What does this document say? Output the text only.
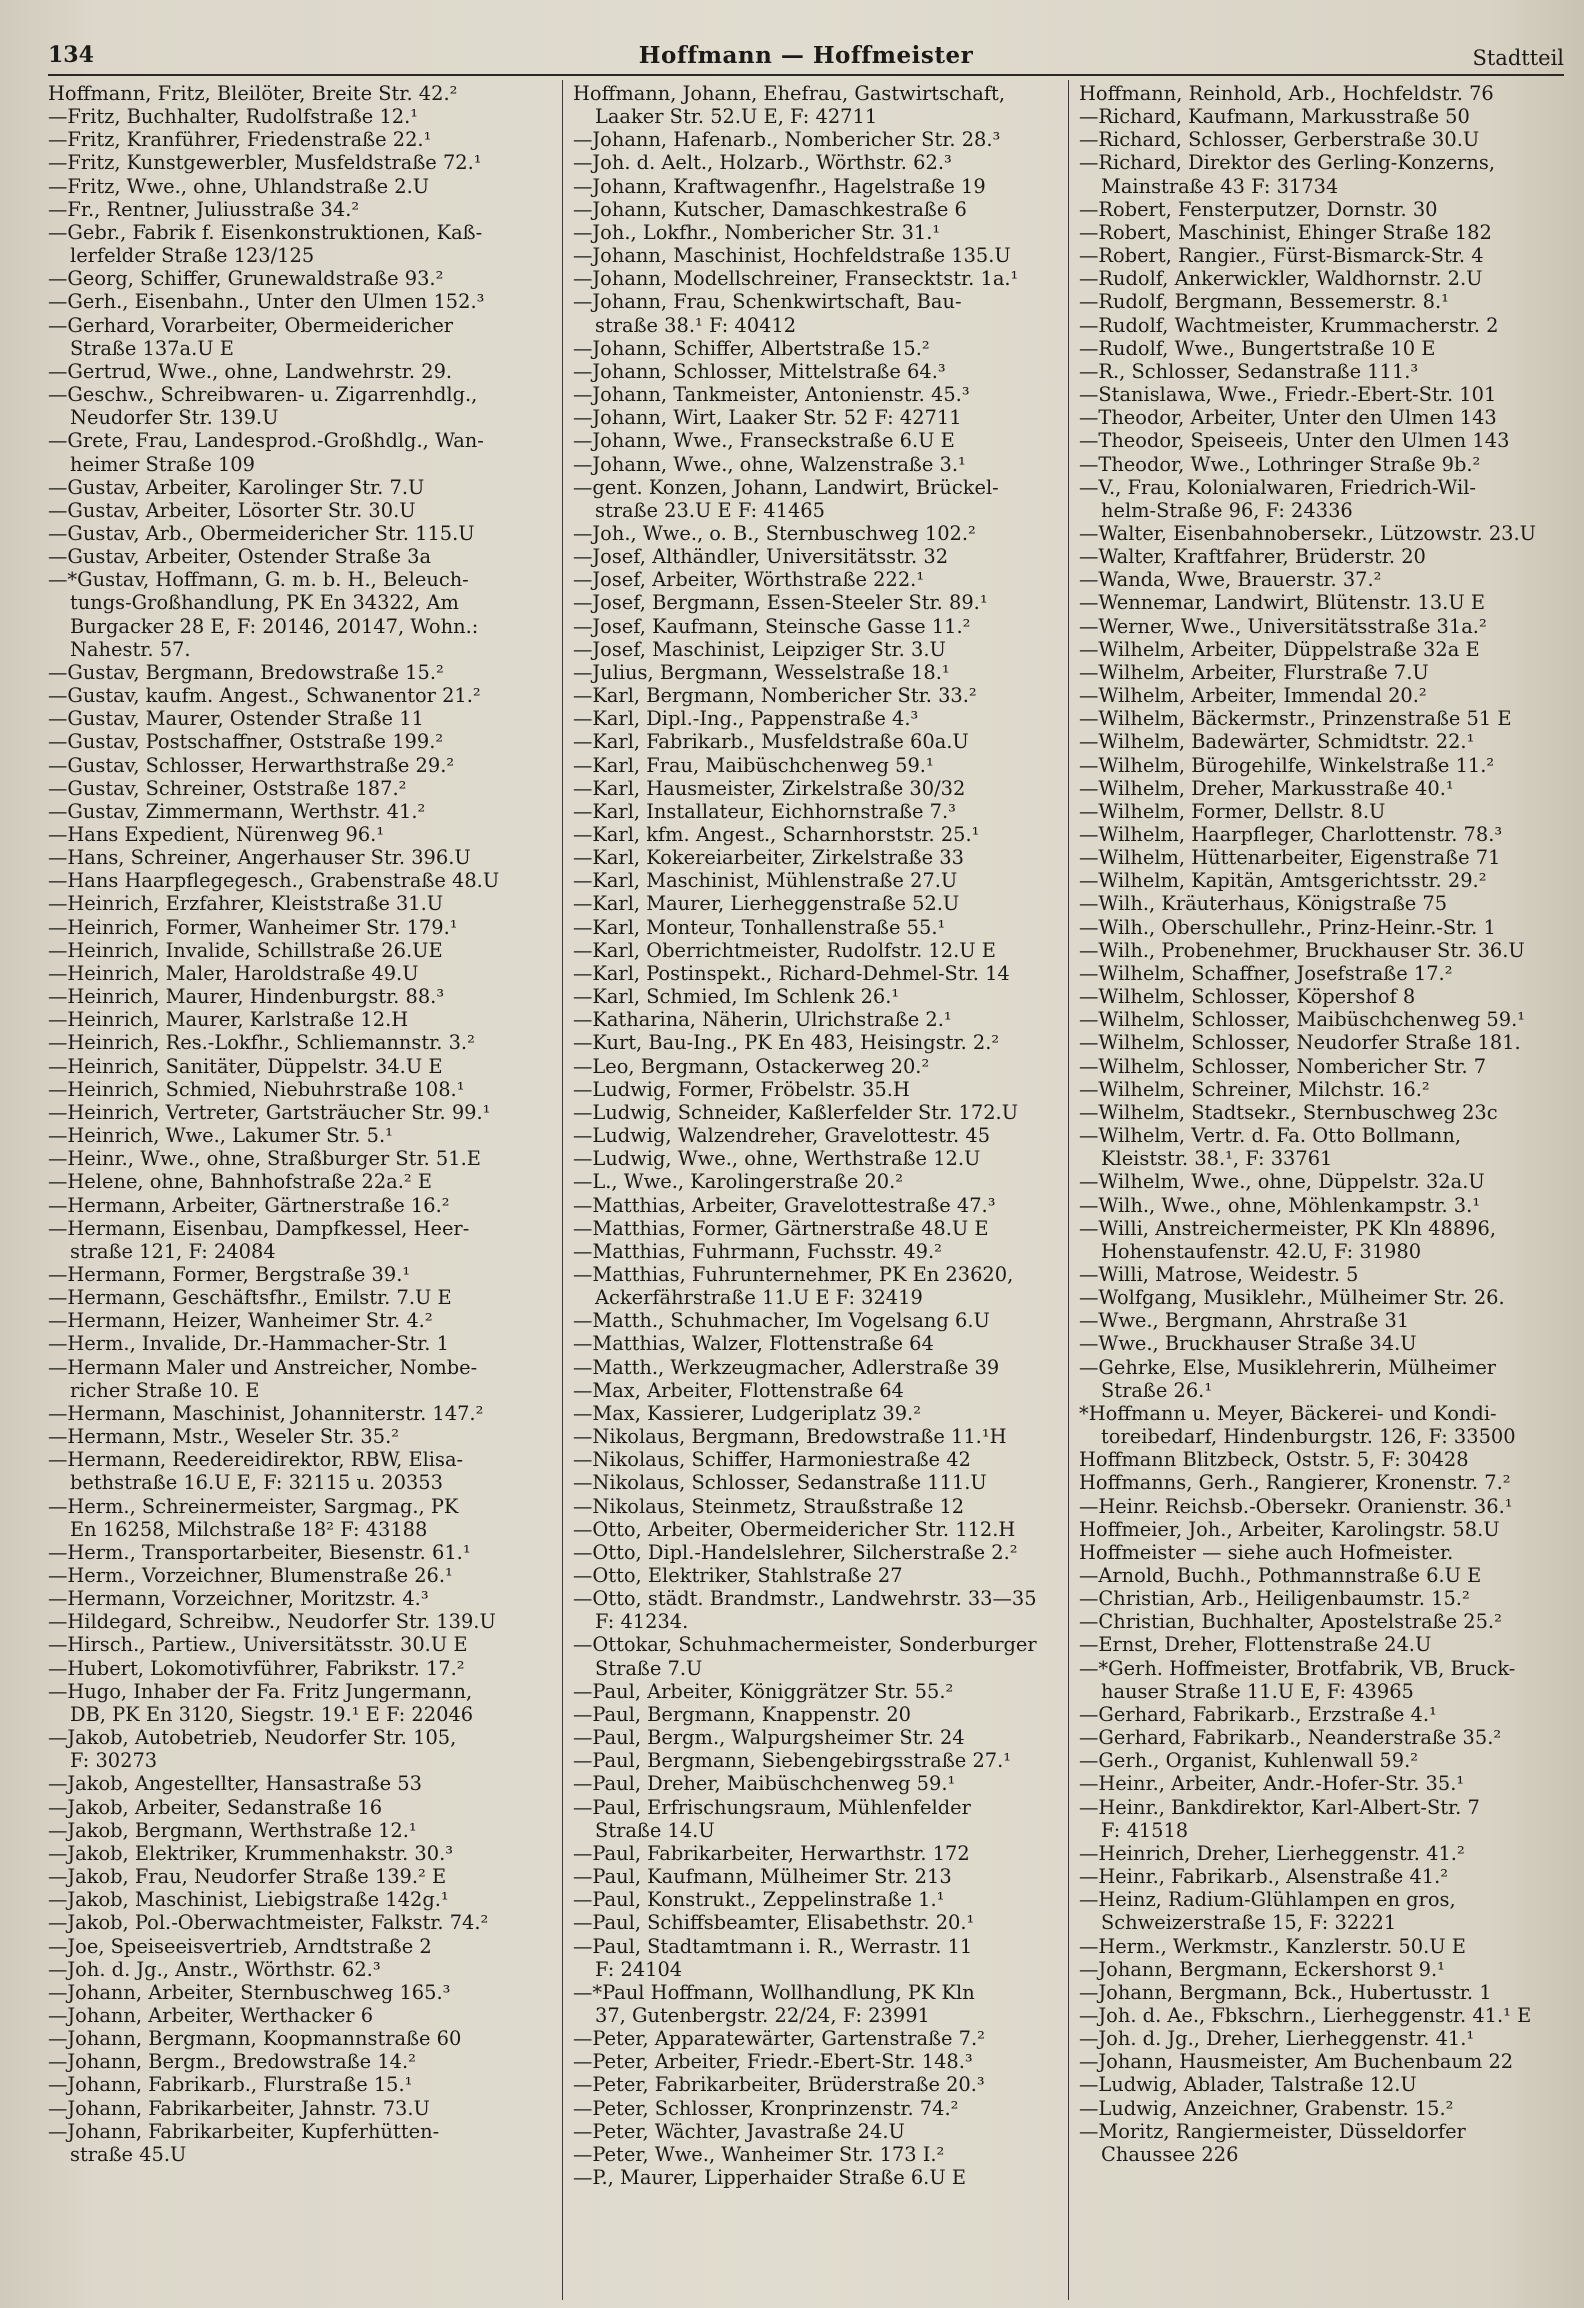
134	Hoffmann — Hoffmeister	Stadtteil
Hoffmann, Fritz, Bleilöter, Breite Str. 42.²
—Fritz, Buchhalter, Rudolfstraße 12.¹
—Fritz, Kranführer, Friedenstraße 22.¹
—Fritz, Kunstgewerbler, Musfeldstraße 72.¹
—Fritz, Wwe., ohne, Uhlandstraße 2.U
—Fr., Rentner, Juliusstraße 34.²
—Gebr., Fabrik f. Eisenkonstruktionen, Kaß-
lerfelder Straße 123/125
—Georg, Schiffer, Grunewaldstraße 93.²
—Gerh., Eisenbahn., Unter den Ulmen 152.³
—Gerhard, Vorarbeiter, Obermeidericher
Straße 137a.U E
—Gertrud, Wwe., ohne, Landwehrstr. 29.
—Geschw., Schreibwaren- u. Zigarrenhdlg.,
Neudorfer Str. 139.U
—Grete, Frau, Landesprod.-Großhdlg., Wan-
heimer Straße 109
—Gustav, Arbeiter, Karolinger Str. 7.U
—Gustav, Arbeiter, Lösorter Str. 30.U
—Gustav, Arb., Obermeidericher Str. 115.U
—Gustav, Arbeiter, Ostender Straße 3a
—*Gustav, Hoffmann, G. m. b. H., Beleuch-
tungs-Großhandlung, PK En 34322, Am
Burgacker 28 E, F: 20146, 20147, Wohn.:
Nahestr. 57.
—Gustav, Bergmann, Bredowstraße 15.²
—Gustav, kaufm. Angest., Schwanentor 21.²
—Gustav, Maurer, Ostender Straße 11
—Gustav, Postschaffner, Oststraße 199.²
—Gustav, Schlosser, Herwarthstraße 29.²
—Gustav, Schreiner, Oststraße 187.²
—Gustav, Zimmermann, Werthstr. 41.²
—Hans Expedient, Nürenweg 96.¹
—Hans, Schreiner, Angerhauser Str. 396.U
—Hans Haarpflegegesch., Grabenstraße 48.U
—Heinrich, Erzfahrer, Kleiststraße 31.U
—Heinrich, Former, Wanheimer Str. 179.¹
—Heinrich, Invalide, Schillstraße 26.UE
—Heinrich, Maler, Haroldstraße 49.U
—Heinrich, Maurer, Hindenburgstr. 88.³
—Heinrich, Maurer, Karlstraße 12.H
—Heinrich, Res.-Lokfhr., Schliemannstr. 3.²
—Heinrich, Sanitäter, Düppelstr. 34.U E
—Heinrich, Schmied, Niebuhrstraße 108.¹
—Heinrich, Vertreter, Gartsträucher Str. 99.¹
—Heinrich, Wwe., Lakumer Str. 5.¹
—Heinr., Wwe., ohne, Straßburger Str. 51.E
—Helene, ohne, Bahnhofstraße 22a.² E
—Hermann, Arbeiter, Gärtnerstraße 16.²
—Hermann, Eisenbau, Dampfkessel, Heer-
straße 121, F: 24084
—Hermann, Former, Bergstraße 39.¹
—Hermann, Geschäftsfhr., Emilstr. 7.U E
—Hermann, Heizer, Wanheimer Str. 4.²
—Herm., Invalide, Dr.-Hammacher-Str. 1
—Hermann Maler und Anstreicher, Nombe-
richer Straße 10. E
—Hermann, Maschinist, Johanniterstr. 147.²
—Hermann, Mstr., Weseler Str. 35.²
—Hermann, Reedereidirektor, RBW, Elisa-
bethstraße 16.U E, F: 32115 u. 20353
—Herm., Schreinermeister, Sargmag., PK
En 16258, Milchstraße 18² F: 43188
—Herm., Transportarbeiter, Biesenstr. 61.¹
—Herm., Vorzeichner, Blumenstraße 26.¹
—Hermann, Vorzeichner, Moritzstr. 4.³
—Hildegard, Schreibw., Neudorfer Str. 139.U
—Hirsch., Partiew., Universitätsstr. 30.U E
—Hubert, Lokomotivführer, Fabrikstr. 17.²
—Hugo, Inhaber der Fa. Fritz Jungermann,
DB, PK En 3120, Siegstr. 19.¹ E F: 22046
—Jakob, Autobetrieb, Neudorfer Str. 105,
F: 30273
—Jakob, Angestellter, Hansastraße 53
—Jakob, Arbeiter, Sedanstraße 16
—Jakob, Bergmann, Werthstraße 12.¹
—Jakob, Elektriker, Krummenhakstr. 30.³
—Jakob, Frau, Neudorfer Straße 139.² E
—Jakob, Maschinist, Liebigstraße 142g.¹
—Jakob, Pol.-Oberwachtmeister, Falkstr. 74.²
—Joe, Speiseeisvertrieb, Arndtstraße 2
—Joh. d. Jg., Anstr., Wörthstr. 62.³
—Johann, Arbeiter, Sternbuschweg 165.³
—Johann, Arbeiter, Werthacker 6
—Johann, Bergmann, Koopmannstraße 60
—Johann, Bergm., Bredowstraße 14.²
—Johann, Fabrikarb., Flurstraße 15.¹
—Johann, Fabrikarbeiter, Jahnstr. 73.U
—Johann, Fabrikarbeiter, Kupferhütten-
straße 45.U
Hoffmann, Johann, Ehefrau, Gastwirtschaft,
Laaker Str. 52.U E, F: 42711
—Johann, Hafenarb., Nombericher Str. 28.³
—Joh. d. Aelt., Holzarb., Wörthstr. 62.³
—Johann, Kraftwagenfhr., Hagelstraße 19
—Johann, Kutscher, Damaschkestraße 6
—Joh., Lokfhr., Nombericher Str. 31.¹
—Johann, Maschinist, Hochfeldstraße 135.U
—Johann, Modellschreiner, Fransecktstr. 1a.¹
—Johann, Frau, Schenkwirtschaft, Bau-
straße 38.¹ F: 40412
—Johann, Schiffer, Albertstraße 15.²
—Johann, Schlosser, Mittelstraße 64.³
—Johann, Tankmeister, Antonienstr. 45.³
—Johann, Wirt, Laaker Str. 52 F: 42711
—Johann, Wwe., Franseckstraße 6.U E
—Johann, Wwe., ohne, Walzenstraße 3.¹
—gent. Konzen, Johann, Landwirt, Brückel-
straße 23.U E F: 41465
—Joh., Wwe., o. B., Sternbuschweg 102.²
—Josef, Althändler, Universitätsstr. 32
—Josef, Arbeiter, Wörthstraße 222.¹
—Josef, Bergmann, Essen-Steeler Str. 89.¹
—Josef, Kaufmann, Steinsche Gasse 11.²
—Josef, Maschinist, Leipziger Str. 3.U
—Julius, Bergmann, Wesselstraße 18.¹
—Karl, Bergmann, Nombericher Str. 33.²
—Karl, Dipl.-Ing., Pappenstraße 4.³
—Karl, Fabrikarb., Musfeldstraße 60a.U
—Karl, Frau, Maibüschchenweg 59.¹
—Karl, Hausmeister, Zirkelstraße 30/32
—Karl, Installateur, Eichhornstraße 7.³
—Karl, kfm. Angest., Scharnhorststr. 25.¹
—Karl, Kokereiarbeiter, Zirkelstraße 33
—Karl, Maschinist, Mühlenstraße 27.U
—Karl, Maurer, Lierheggenstraße 52.U
—Karl, Monteur, Tonhallenstraße 55.¹
—Karl, Oberrichtmeister, Rudolfstr. 12.U E
—Karl, Postinspekt., Richard-Dehmel-Str. 14
—Karl, Schmied, Im Schlenk 26.¹
—Katharina, Näherin, Ulrichstraße 2.¹
—Kurt, Bau-Ing., PK En 483, Heisingstr. 2.²
—Leo, Bergmann, Ostackerweg 20.²
—Ludwig, Former, Fröbelstr. 35.H
—Ludwig, Schneider, Kaßlerfelder Str. 172.U
—Ludwig, Walzendreher, Gravelottestr. 45
—Ludwig, Wwe., ohne, Werthstraße 12.U
—L., Wwe., Karolingerstraße 20.²
—Matthias, Arbeiter, Gravelottestraße 47.³
—Matthias, Former, Gärtnerstraße 48.U E
—Matthias, Fuhrmann, Fuchsstr. 49.²
—Matthias, Fuhrunternehmer, PK En 23620,
Ackerfährstraße 11.U E F: 32419
—Matth., Schuhmacher, Im Vogelsang 6.U
—Matthias, Walzer, Flottenstraße 64
—Matth., Werkzeugmacher, Adlerstraße 39
—Max, Arbeiter, Flottenstraße 64
—Max, Kassierer, Ludgeriplatz 39.²
—Nikolaus, Bergmann, Bredowstraße 11.¹H
—Nikolaus, Schiffer, Harmoniestraße 42
—Nikolaus, Schlosser, Sedanstraße 111.U
—Nikolaus, Steinmetz, Straußstraße 12
—Otto, Arbeiter, Obermeidericher Str. 112.H
—Otto, Dipl.-Handelslehrer, Silcherstraße 2.²
—Otto, Elektriker, Stahlstraße 27
—Otto, städt. Brandmstr., Landwehrstr. 33—35
F: 41234.
—Ottokar, Schuhmachermeister, Sonderburger
Straße 7.U
—Paul, Arbeiter, Königgrätzer Str. 55.²
—Paul, Bergmann, Knappenstr. 20
—Paul, Bergm., Walpurgsheimer Str. 24
—Paul, Bergmann, Siebengebirgsstraße 27.¹
—Paul, Dreher, Maibüschchenweg 59.¹
—Paul, Erfrischungsraum, Mühlenfelder
Straße 14.U
—Paul, Fabrikarbeiter, Herwarthstr. 172
—Paul, Kaufmann, Mülheimer Str. 213
—Paul, Konstrukt., Zeppelinstraße 1.¹
—Paul, Schiffsbeamter, Elisabethstr. 20.¹
—Paul, Stadtamtmann i. R., Werrastr. 11
F: 24104
—*Paul Hoffmann, Wollhandlung, PK Kln
37, Gutenbergstr. 22/24, F: 23991
—Peter, Apparatewärter, Gartenstraße 7.²
—Peter, Arbeiter, Friedr.-Ebert-Str. 148.³
—Peter, Fabrikarbeiter, Brüderstraße 20.³
—Peter, Schlosser, Kronprinzenstr. 74.²
—Peter, Wächter, Javastraße 24.U
—Peter, Wwe., Wanheimer Str. 173 I.²
—P., Maurer, Lipperhaider Straße 6.U E
Hoffmann, Reinhold, Arb., Hochfeldstr. 76
—Richard, Kaufmann, Markusstraße 50
—Richard, Schlosser, Gerberstraße 30.U
—Richard, Direktor des Gerling-Konzerns,
Mainstraße 43 F: 31734
—Robert, Fensterputzer, Dornstr. 30
—Robert, Maschinist, Ehinger Straße 182
—Robert, Rangier., Fürst-Bismarck-Str. 4
—Rudolf, Ankerwickler, Waldhornstr. 2.U
—Rudolf, Bergmann, Bessemerstr. 8.¹
—Rudolf, Wachtmeister, Krummacherstr. 2
—Rudolf, Wwe., Bungertstraße 10 E
—R., Schlosser, Sedanstraße 111.³
—Stanislawa, Wwe., Friedr.-Ebert-Str. 101
—Theodor, Arbeiter, Unter den Ulmen 143
—Theodor, Speiseeis, Unter den Ulmen 143
—Theodor, Wwe., Lothringer Straße 9b.²
—V., Frau, Kolonialwaren, Friedrich-Wil-
helm-Straße 96, F: 24336
—Walter, Eisenbahnobersekr., Lützowstr. 23.U
—Walter, Kraftfahrer, Brüderstr. 20
—Wanda, Wwe, Brauerstr. 37.²
—Wennemar, Landwirt, Blütenstr. 13.U E
—Werner, Wwe., Universitätsstraße 31a.²
—Wilhelm, Arbeiter, Düppelstraße 32a E
—Wilhelm, Arbeiter, Flurstraße 7.U
—Wilhelm, Arbeiter, Immendal 20.²
—Wilhelm, Bäckermstr., Prinzenstraße 51 E
—Wilhelm, Badewärter, Schmidtstr. 22.¹
—Wilhelm, Bürogehilfe, Winkelstraße 11.²
—Wilhelm, Dreher, Markusstraße 40.¹
—Wilhelm, Former, Dellstr. 8.U
—Wilhelm, Haarpfleger, Charlottenstr. 78.³
—Wilhelm, Hüttenarbeiter, Eigenstraße 71
—Wilhelm, Kapitän, Amtsgerichtsstr. 29.²
—Wilh., Kräuterhaus, Königstraße 75
—Wilh., Oberschullehr., Prinz-Heinr.-Str. 1
—Wilh., Probenehmer, Bruckhauser Str. 36.U
—Wilhelm, Schaffner, Josefstraße 17.²
—Wilhelm, Schlosser, Köpershof 8
—Wilhelm, Schlosser, Maibüschchenweg 59.¹
—Wilhelm, Schlosser, Neudorfer Straße 181.
—Wilhelm, Schlosser, Nombericher Str. 7
—Wilhelm, Schreiner, Milchstr. 16.²
—Wilhelm, Stadtsekr., Sternbuschweg 23c
—Wilhelm, Vertr. d. Fa. Otto Bollmann,
Kleiststr. 38.¹, F: 33761
—Wilhelm, Wwe., ohne, Düppelstr. 32a.U
—Wilh., Wwe., ohne, Möhlenkampstr. 3.¹
—Willi, Anstreichermeister, PK Kln 48896,
Hohenstaufenstr. 42.U, F: 31980
—Willi, Matrose, Weidestr. 5
—Wolfgang, Musiklehr., Mülheimer Str. 26.
—Wwe., Bergmann, Ahrstraße 31
—Wwe., Bruckhauser Straße 34.U
—Gehrke, Else, Musiklehrerin, Mülheimer
Straße 26.¹
*Hoffmann u. Meyer, Bäckerei- und Kondi-
toreibedarf, Hindenburgstr. 126, F: 33500
Hoffmann Blitzbeck, Oststr. 5, F: 30428
Hoffmanns, Gerh., Rangierer, Kronenstr. 7.²
—Heinr. Reichsb.-Obersekr. Oranienstr. 36.¹
Hoffmeier, Joh., Arbeiter, Karolingstr. 58.U
Hoffmeister — siehe auch Hofmeister.
—Arnold, Buchh., Pothmannstraße 6.U E
—Christian, Arb., Heiligenbaumstr. 15.²
—Christian, Buchhalter, Apostelstraße 25.²
—Ernst, Dreher, Flottenstraße 24.U
—*Gerh. Hoffmeister, Brotfabrik, VB, Bruck-
hauser Straße 11.U E, F: 43965
—Gerhard, Fabrikarb., Erzstraße 4.¹
—Gerhard, Fabrikarb., Neanderstraße 35.²
—Gerh., Organist, Kuhlenwall 59.²
—Heinr., Arbeiter, Andr.-Hofer-Str. 35.¹
—Heinr., Bankdirektor, Karl-Albert-Str. 7
F: 41518
—Heinrich, Dreher, Lierheggenstr. 41.²
—Heinr., Fabrikarb., Alsenstraße 41.²
—Heinz, Radium-Glühlampen en gros,
Schweizerstraße 15, F: 32221
—Herm., Werkmstr., Kanzlerstr. 50.U E
—Johann, Bergmann, Eckershorst 9.¹
—Johann, Bergmann, Bck., Hubertusstr. 1
—Joh. d. Ae., Fbkschrn., Lierheggenstr. 41.¹ E
—Joh. d. Jg., Dreher, Lierheggenstr. 41.¹
—Johann, Hausmeister, Am Buchenbaum 22
—Ludwig, Ablader, Talstraße 12.U
—Ludwig, Anzeichner, Grabenstr. 15.²
—Moritz, Rangiermeister, Düsseldorfer
Chaussee 226
